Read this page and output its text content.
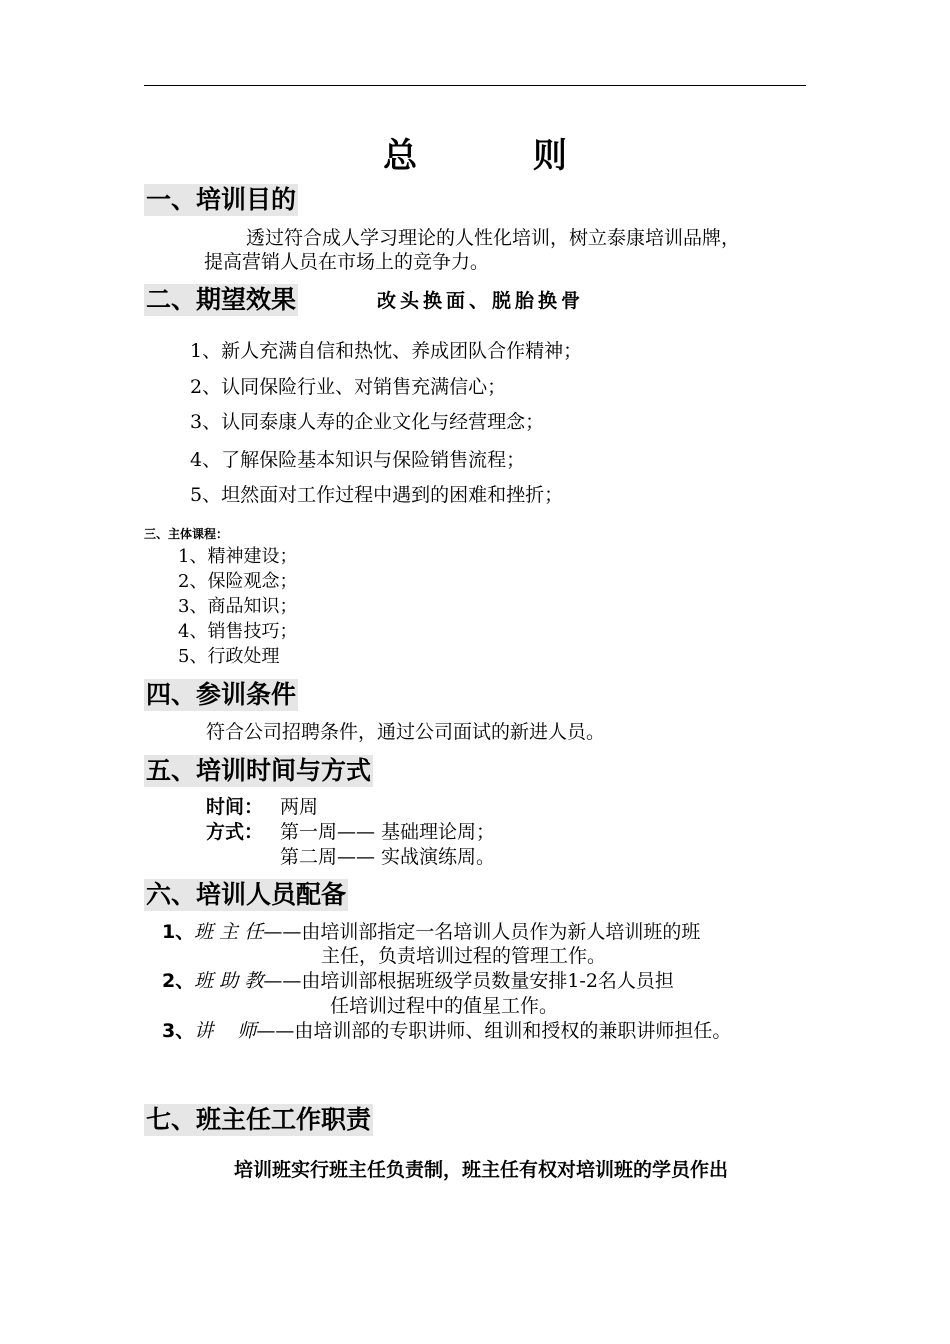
总 则
一、培训目的
透过符合成人学习理论的人性化培训，树立泰康培训品牌，
提高营销人员在市场上的竞争力。
二、期望效果	改头换面、脱胎换骨
1、新人充满自信和热忱、养成团队合作精神；
2、认同保险行业、对销售充满信心；
3、认同泰康人寿的企业文化与经营理念；
4、了解保险基本知识与保险销售流程；
5、坦然面对工作过程中遇到的困难和挫折；
三、主体课程：
1、精神建设；
2、保险观念；
3、商品知识；
4、销售技巧；
5、行政处理
四、参训条件
符合公司招聘条件，通过公司面试的新进人员。
五、培训时间与方式
时间： 两周
方式： 第一周—— 基础理论周；
第二周—— 实战演练周。
六、培训人员配备
1、班 主 任——由培训部指定一名培训人员作为新人培训班的班
主任，负责培训过程的管理工作。
2、班 助 教——由培训部根据班级学员数量安排1-2名人员担
任培训过程中的值星工作。
3、讲    师——由培训部的专职讲师、组训和授权的兼职讲师担任。
七、班主任工作职责
培训班实行班主任负责制，班主任有权对培训班的学员作出
